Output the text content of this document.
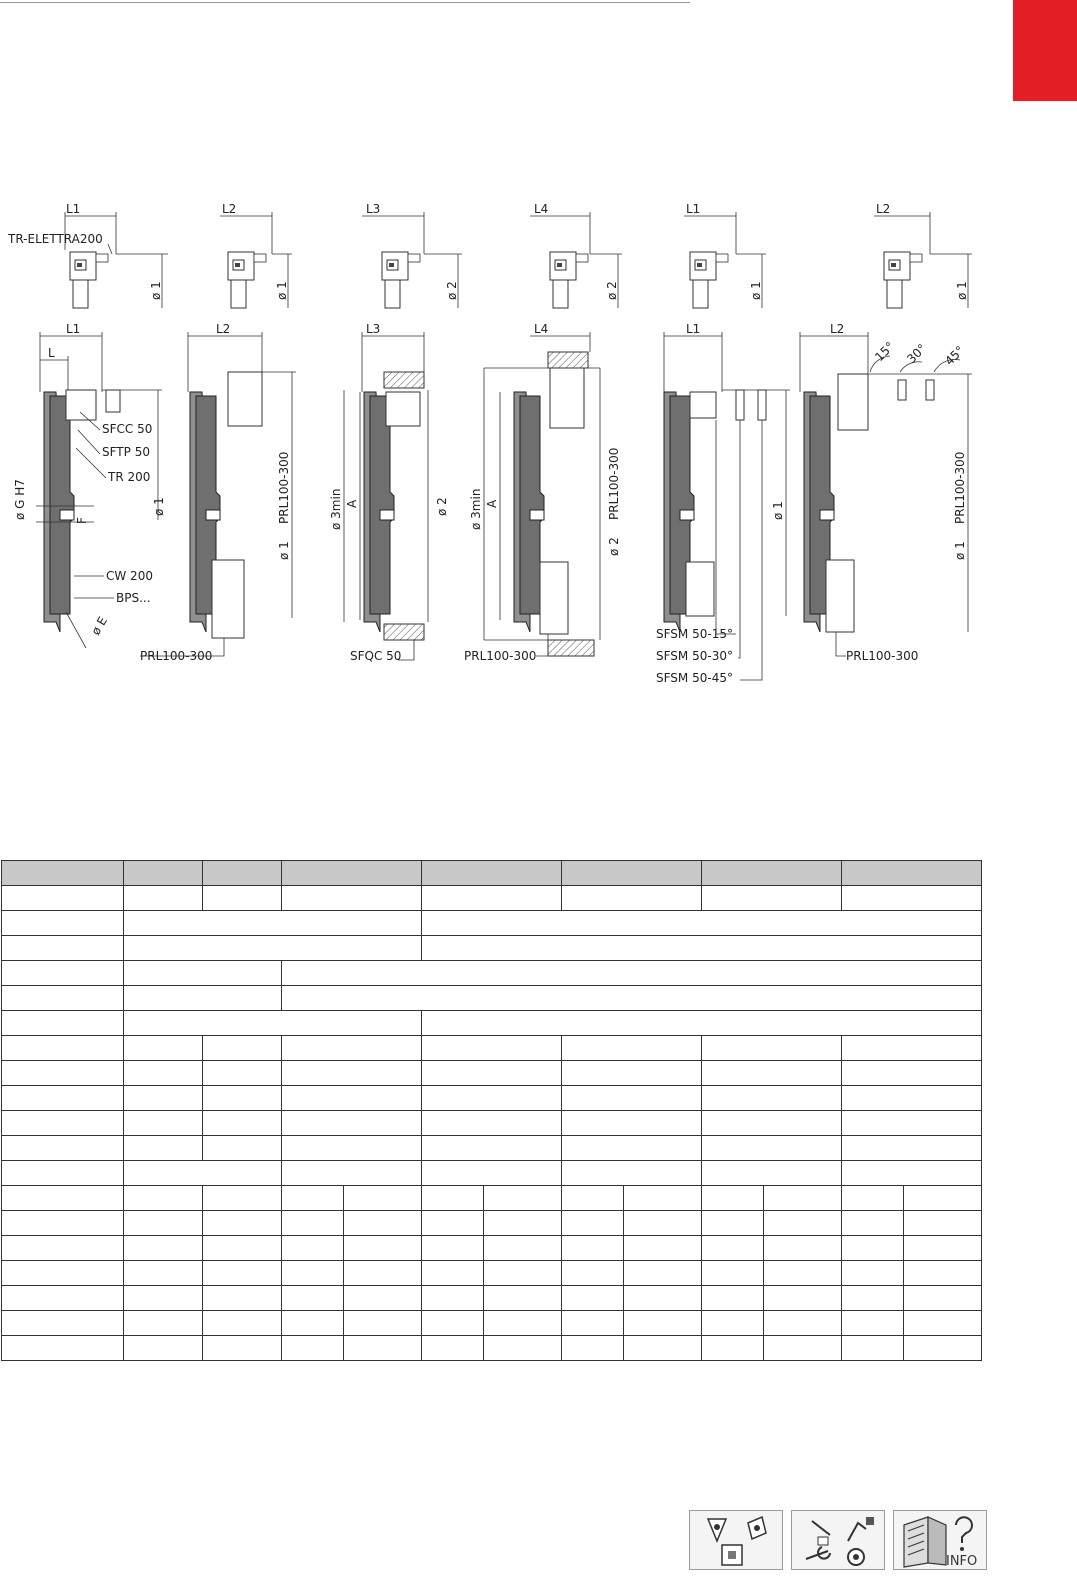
L1
TR-ELETTRA200
ø 1
L2
ø 1
L3
ø 2
L4
ø 2
L1
ø 1
L2
ø 1
L1
L
ø 1
SFCC 50
SFTP 50
TR 200
CW 200
BPS...
ø G H7
F
ø E
L2
PRL100-300
ø 1
PRL100-300
L3
ø 3min A	ø 2
SFQC 50
L4
ø 3min A	PRL100-300
ø 2
PRL100-300
L1
ø 1
SFSM 50-15°
SFSM 50-30°
SFSM 50-45°
L2
15° 30° 45°
PRL100-300
ø 1
PRL100-300

INFO
